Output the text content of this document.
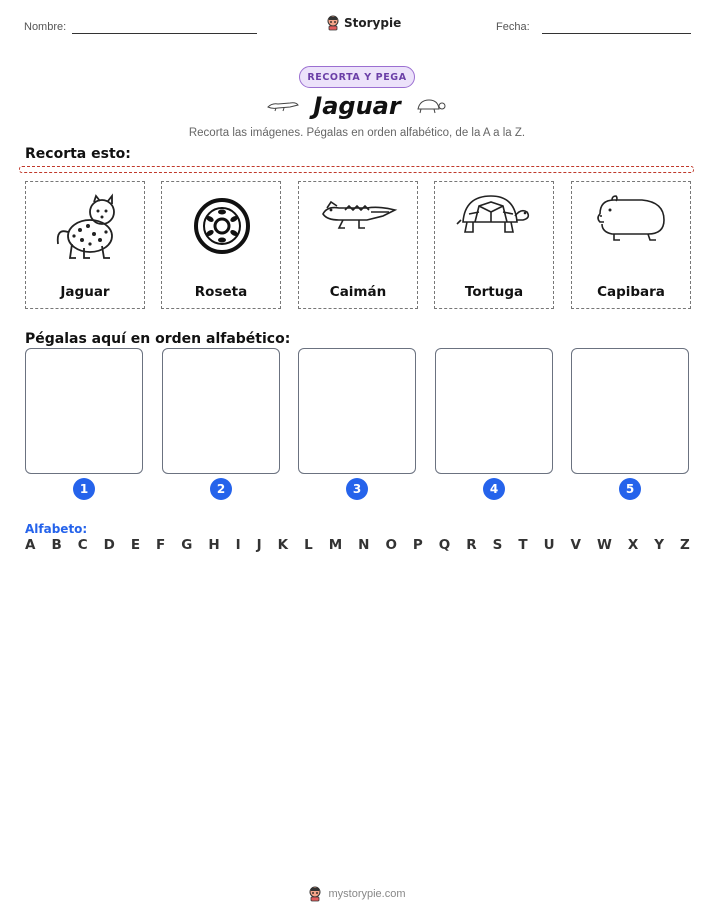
Nombre:	Storypie	Fecha:
RECORTA Y PEGA
Jaguar
Recorta las imágenes. Pégalas en orden alfabético, de la A a la Z.
Recorta esto:
Jaguar	Roseta	Caimán	Tortuga	Capibara
Pégalas aquí en orden alfabético:
1	2	3	4	5
Alfabeto:
A B C D E F G H I J K L M N O P Q R S T U V W X Y Z
mystorypie.com
